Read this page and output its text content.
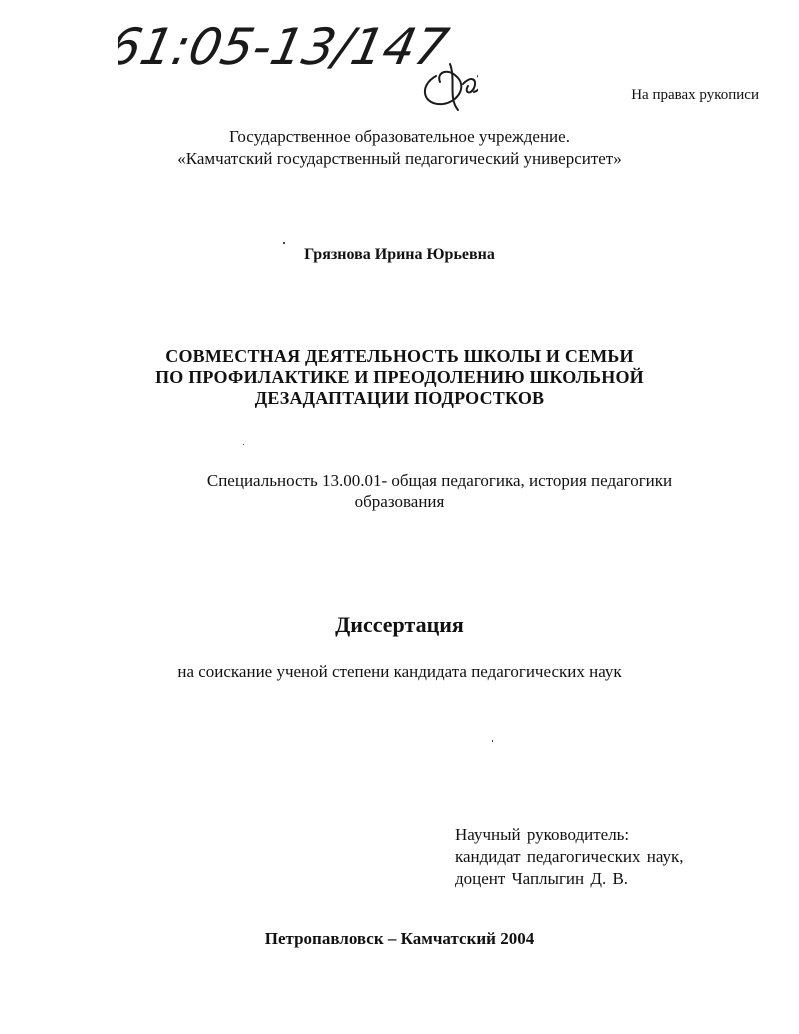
61:05-13/147
На правах рукописи
Государственное образовательное учреждение.
«Камчатский государственный педагогический университет»
Грязнова Ирина Юрьевна
СОВМЕСТНАЯ ДЕЯТЕЛЬНОСТЬ ШКОЛЫ И СЕМЬИ
ПО ПРОФИЛАКТИКЕ И ПРЕОДОЛЕНИЮ ШКОЛЬНОЙ
ДЕЗАДАПТАЦИИ ПОДРОСТКОВ
Специальность 13.00.01- общая педагогика, история педагогики
образования
Диссертация
на соискание ученой степени кандидата педагогических наук
Научный руководитель:
кандидат педагогических наук,
доцент Чаплыгин Д. В.
Петропавловск – Камчатский 2004
